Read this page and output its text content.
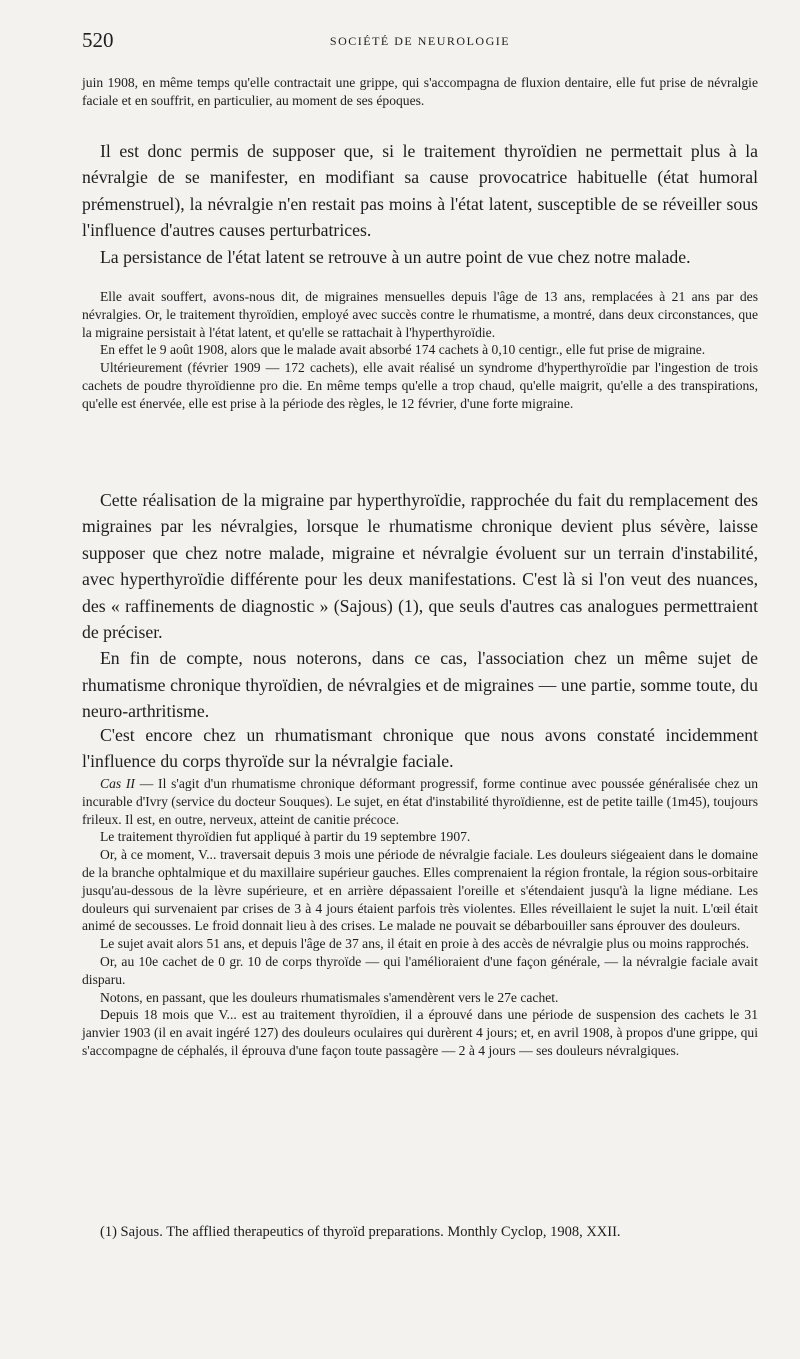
520	SOCIÉTÉ DE NEUROLOGIE

juin 1908, en même temps qu'elle contractait une grippe, qui s'accompagna de fluxion dentaire, elle fut prise de névralgie faciale et en souffrit, en particulier, au moment de ses époques.

Il est donc permis de supposer que, si le traitement thyroïdien ne permettait plus à la névralgie de se manifester, en modifiant sa cause provocatrice habituelle (état humoral prémenstruel), la névralgie n'en restait pas moins à l'état latent, susceptible de se réveiller sous l'influence d'autres causes perturbatrices.

La persistance de l'état latent se retrouve à un autre point de vue chez notre malade.

Elle avait souffert, avons-nous dit, de migraines mensuelles depuis l'âge de 13 ans, remplacées à 21 ans par des névralgies. Or, le traitement thyroïdien, employé avec succès contre le rhumatisme, a montré, dans deux circonstances, que la migraine persistait à l'état latent, et qu'elle se rattachait à l'hyperthyroïdie.

En effet le 9 août 1908, alors que le malade avait absorbé 174 cachets à 0,10 centigr., elle fut prise de migraine.

Ultérieurement (février 1909 — 172 cachets), elle avait réalisé un syndrome d'hyperthyroïdie par l'ingestion de trois cachets de poudre thyroïdienne pro die. En même temps qu'elle a trop chaud, qu'elle maigrit, qu'elle a des transpirations, qu'elle est énervée, elle est prise à la période des règles, le 12 février, d'une forte migraine.

Cette réalisation de la migraine par hyperthyroïdie, rapprochée du fait du remplacement des migraines par les névralgies, lorsque le rhumatisme chronique devient plus sévère, laisse supposer que chez notre malade, migraine et névralgie évoluent sur un terrain d'instabilité, avec hyperthyroïdie différente pour les deux manifestations. C'est là si l'on veut des nuances, des « raffinements de diagnostic » (Sajous) (1), que seuls d'autres cas analogues permettraient de préciser.

En fin de compte, nous noterons, dans ce cas, l'association chez un même sujet de rhumatisme chronique thyroïdien, de névralgies et de migraines — une partie, somme toute, du neuro-arthritisme.

C'est encore chez un rhumatismant chronique que nous avons constaté incidemment l'influence du corps thyroïde sur la névralgie faciale.

Cas II — Il s'agit d'un rhumatisme chronique déformant progressif, forme continue avec poussée généralisée chez un incurable d'Ivry (service du docteur Souques). Le sujet, en état d'instabilité thyroïdienne, est de petite taille (1m45), toujours frileux. Il est, en outre, nerveux, atteint de canitie précoce.

Le traitement thyroïdien fut appliqué à partir du 19 septembre 1907.

Or, à ce moment, V... traversait depuis 3 mois une période de névralgie faciale. Les douleurs siégeaient dans le domaine de la branche ophtalmique et du maxillaire supérieur gauches. Elles comprenaient la région frontale, la région sous-orbitaire jusqu'au-dessous de la lèvre supérieure, et en arrière dépassaient l'oreille et s'étendaient jusqu'à la ligne médiane. Les douleurs qui survenaient par crises de 3 à 4 jours étaient parfois très violentes. Elles réveillaient le sujet la nuit. L'œil était animé de secousses. Le froid donnait lieu à des crises. Le malade ne pouvait se débarbouiller sans éprouver des douleurs.

Le sujet avait alors 51 ans, et depuis l'âge de 37 ans, il était en proie à des accès de névralgie plus ou moins rapprochés.

Or, au 10e cachet de 0 gr. 10 de corps thyroïde — qui l'amélioraient d'une façon générale, — la névralgie faciale avait disparu.

Notons, en passant, que les douleurs rhumatismales s'amendèrent vers le 27e cachet.

Depuis 18 mois que V... est au traitement thyroïdien, il a éprouvé dans une période de suspension des cachets le 31 janvier 1903 (il en avait ingéré 127) des douleurs oculaires qui durèrent 4 jours; et, en avril 1908, à propos d'une grippe, qui s'accompagne de céphalés, il éprouva d'une façon toute passagère — 2 à 4 jours — ses douleurs névralgiques.

(1) Sajous. The afflied therapeutics of thyroïd preparations. Monthly Cyclop, 1908, XXII.
